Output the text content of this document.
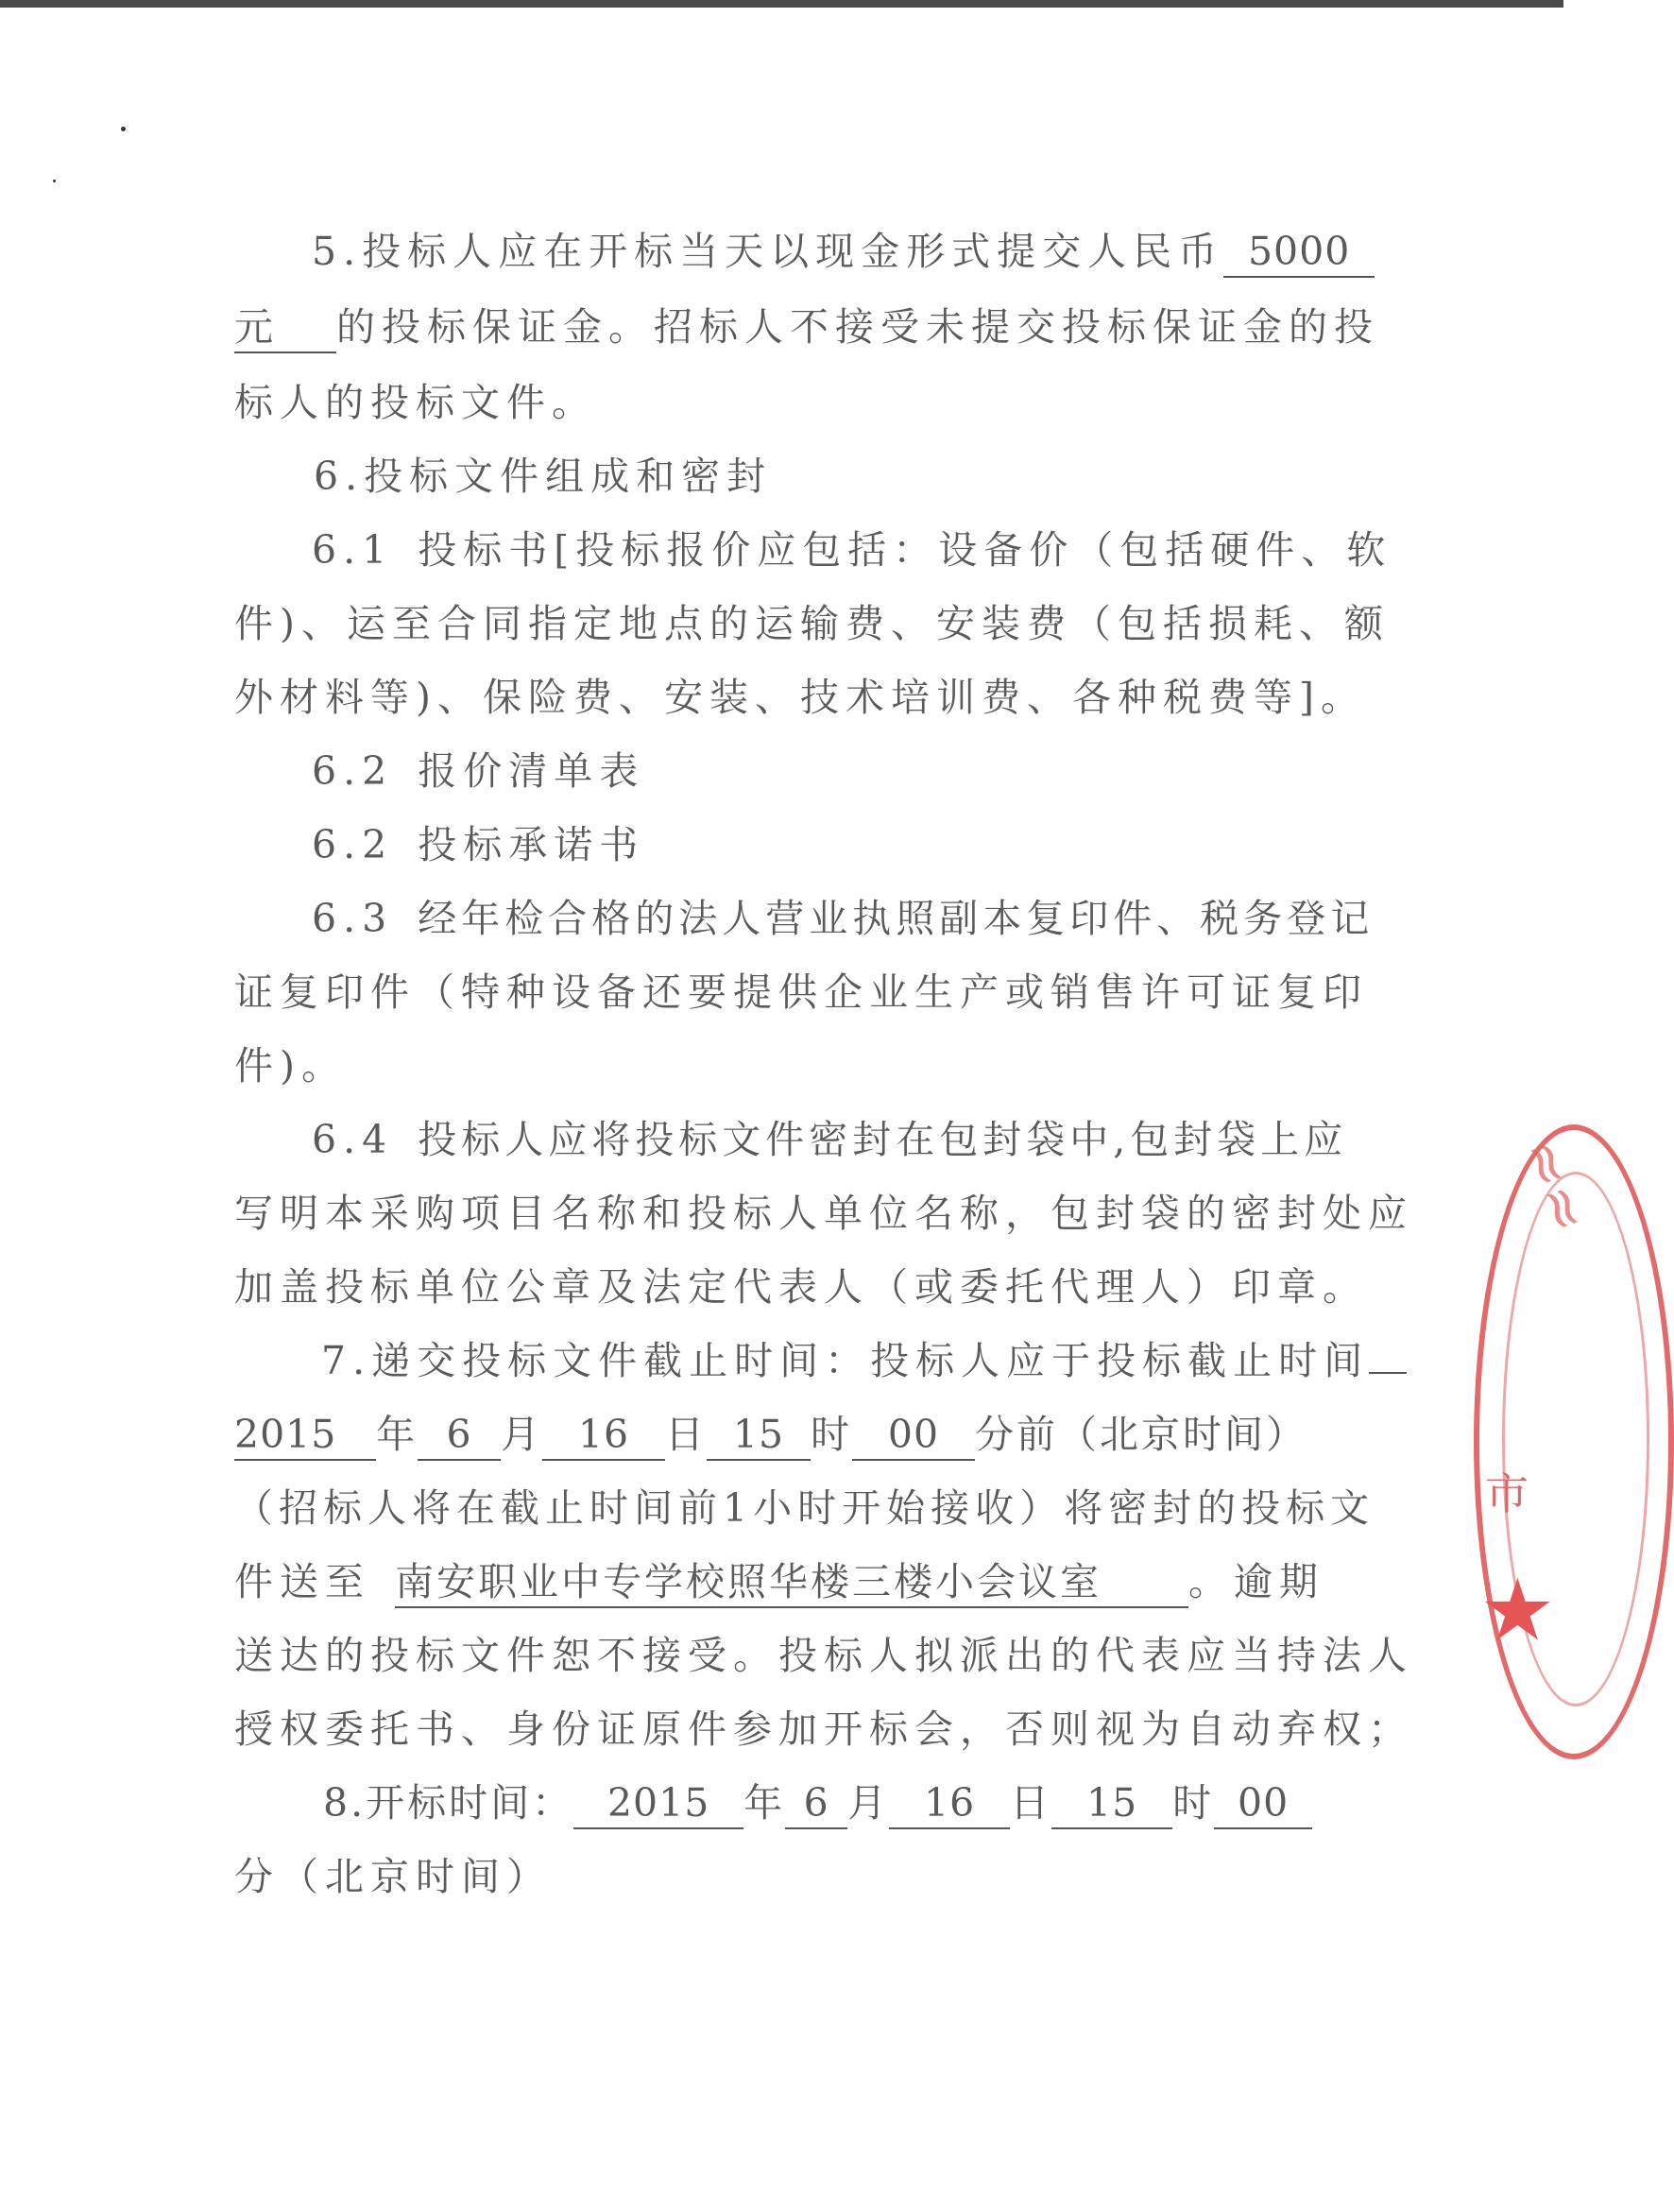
5.投标人应在开标当天以现金形式提交人民币 5000
元 的投标保证金。招标人不接受未提交投标保证金的投
标人的投标文件。
6.投标文件组成和密封
6.1 投标书[投标报价应包括：设备价（包括硬件、软
件)、运至合同指定地点的运输费、安装费（包括损耗、额
外材料等)、保险费、安装、技术培训费、各种税费等]。
6.2 报价清单表
6.2 投标承诺书
6.3 经年检合格的法人营业执照副本复印件、税务登记
证复印件（特种设备还要提供企业生产或销售许可证复印
件)。
6.4 投标人应将投标文件密封在包封袋中,包封袋上应
写明本采购项目名称和投标人单位名称，包封袋的密封处应
加盖投标单位公章及法定代表人（或委托代理人）印章。
7.递交投标文件截止时间：投标人应于投标截止时间
2015 年 6 月 16 日 15 时 00 分前（北京时间）
（招标人将在截止时间前1小时开始接收）将密封的投标文
件送至 南安职业中专学校照华楼三楼小会议室 。逾期
送达的投标文件恕不接受。投标人拟派出的代表应当持法人
授权委托书、身份证原件参加开标会，否则视为自动弃权；
8.开标时间： 2015 年 6 月 16 日 15 时 00
分（北京时间）
≈≈
市
★
